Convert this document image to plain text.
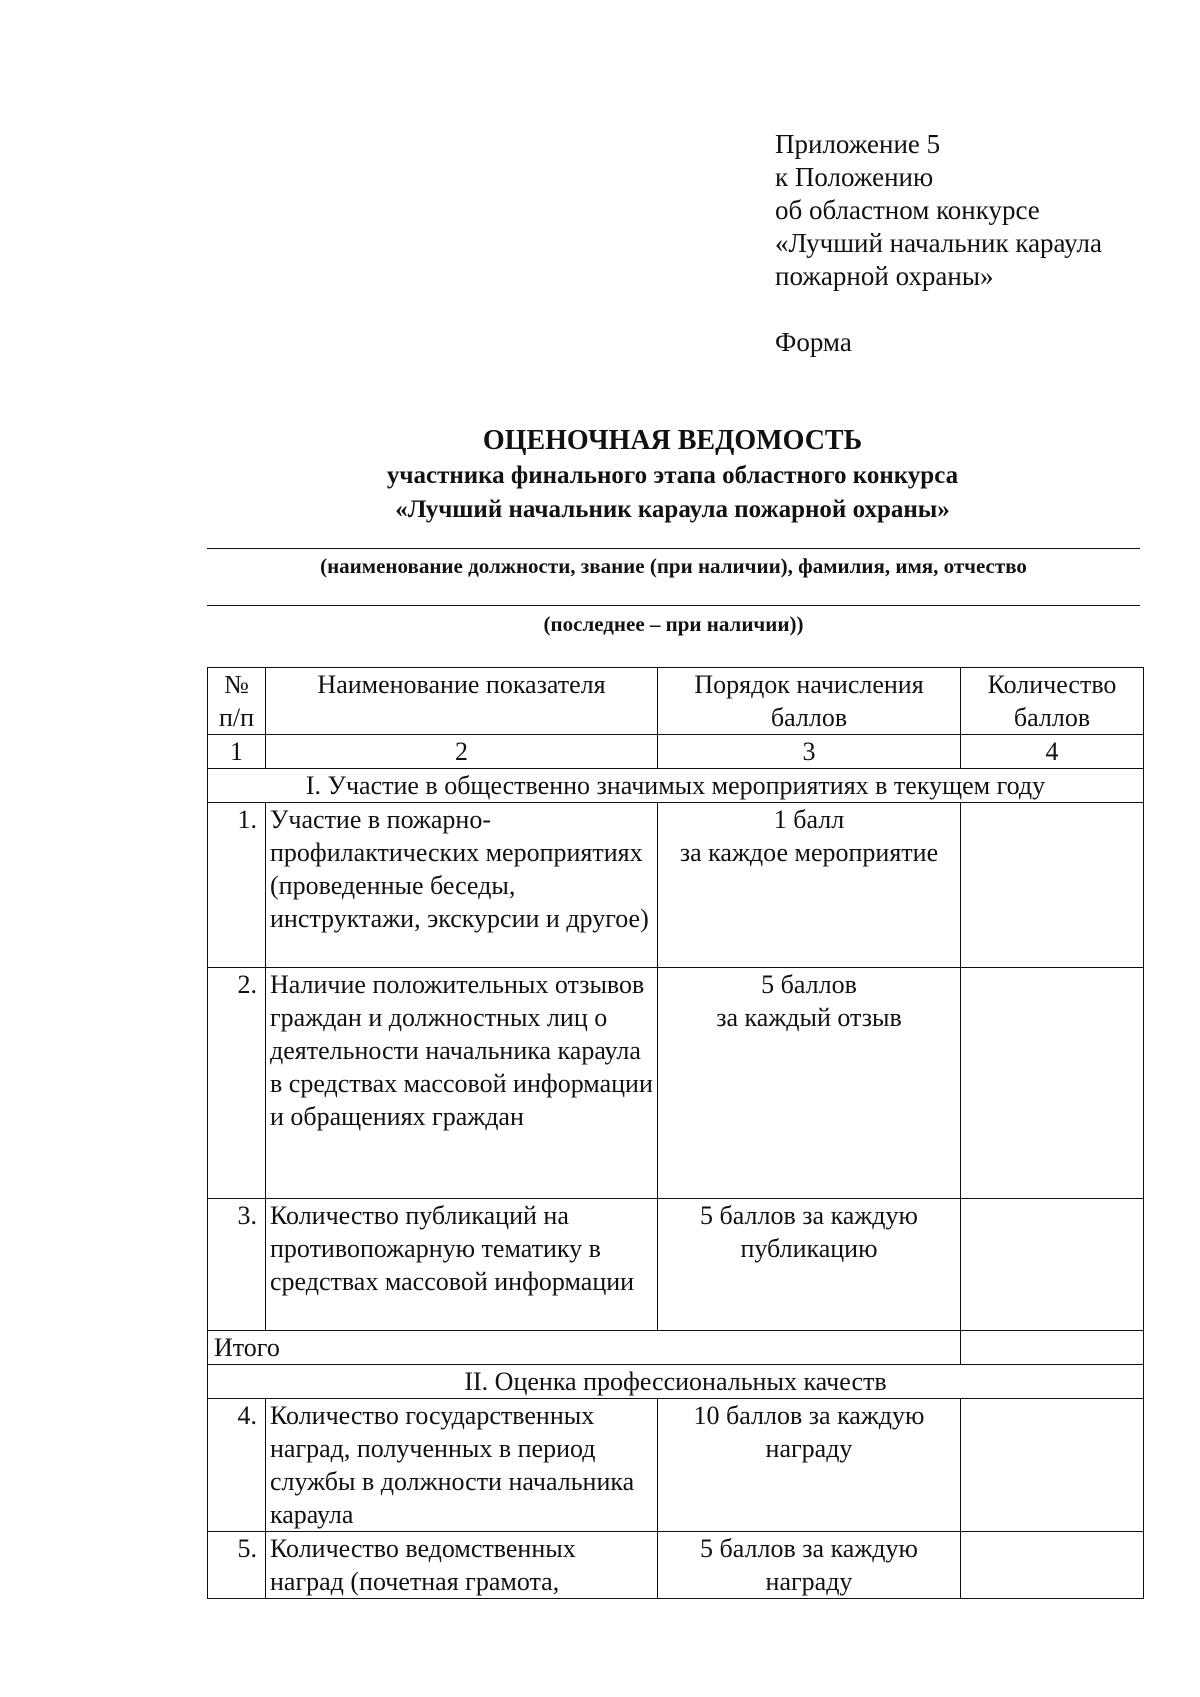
Приложение 5
к Положению
об областном конкурсе
«Лучший начальник караула
пожарной охраны»
Форма
ОЦЕНОЧНАЯ ВЕДОМОСТЬ
участника финального этапа областного конкурса
«Лучший начальник караула пожарной охраны»
(наименование должности, звание (при наличии), фамилия, имя, отчество
(последнее – при наличии))
№ п/п	Наименование показателя	Порядок начисления баллов	Количество баллов
1	2	3	4
I. Участие в общественно значимых мероприятиях в текущем году			
1.	Участие в пожарно-профилактических мероприятиях (проведенные беседы, инструктажи, экскурсии и другое)	1 балл
за каждое мероприятие	

2.	Наличие положительных отзывов граждан и должностных лиц о деятельности начальника караула в средствах массовой информации и обращениях граждан	5 баллов
за каждый отзыв	

3.	Количество публикаций на противопожарную тематику в средствах массовой информации	5 баллов за каждую
публикацию	

Итого			
II. Оценка профессиональных качеств			
4.	Количество государственных наград, полученных в период службы в должности начальника караула	10 баллов за каждую
награду	

5.	Количество ведомственных наград (почетная грамота,	5 баллов за каждую
награду	
